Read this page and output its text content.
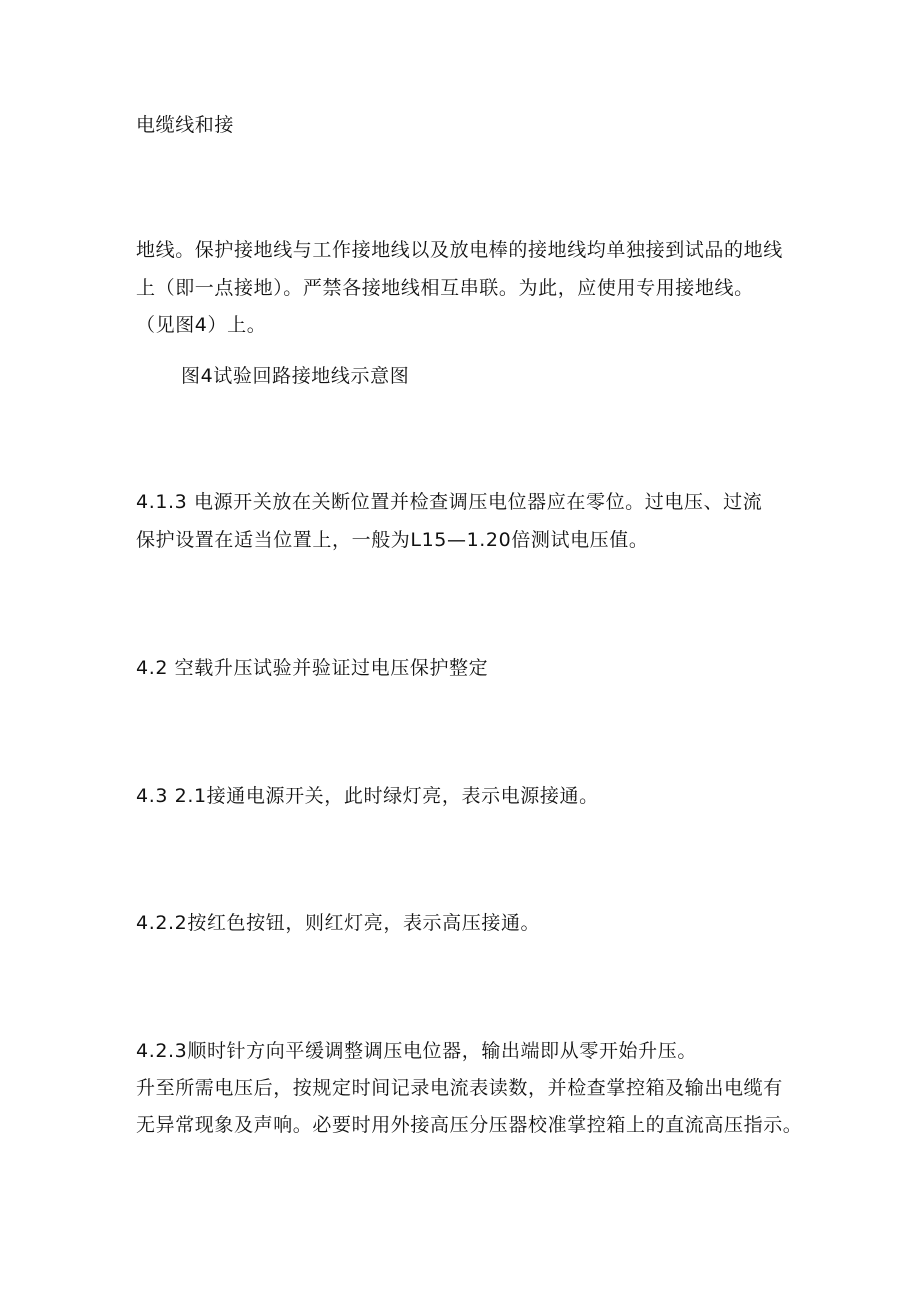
电缆线和接

地线。保护接地线与工作接地线以及放电棒的接地线均单独接到试品的地线

上（即一点接地）。严禁各接地线相互串联。为此，应使用专用接地线。

（见图4）上。

图4试验回路接地线示意图

4.1.3 电源开关放在关断位置并检查调压电位器应在零位。过电压、过流

保护设置在适当位置上，一般为L15—1.20倍测试电压值。

4.2 空载升压试验并验证过电压保护整定

4.3 2.1接通电源开关，此时绿灯亮，表示电源接通。

4.2.2按红色按钮，则红灯亮，表示高压接通。

4.2.3顺时针方向平缓调整调压电位器，输出端即从零开始升压。

升至所需电压后，按规定时间记录电流表读数，并检查掌控箱及输出电缆有

无异常现象及声响。必要时用外接高压分压器校准掌控箱上的直流高压指示。
